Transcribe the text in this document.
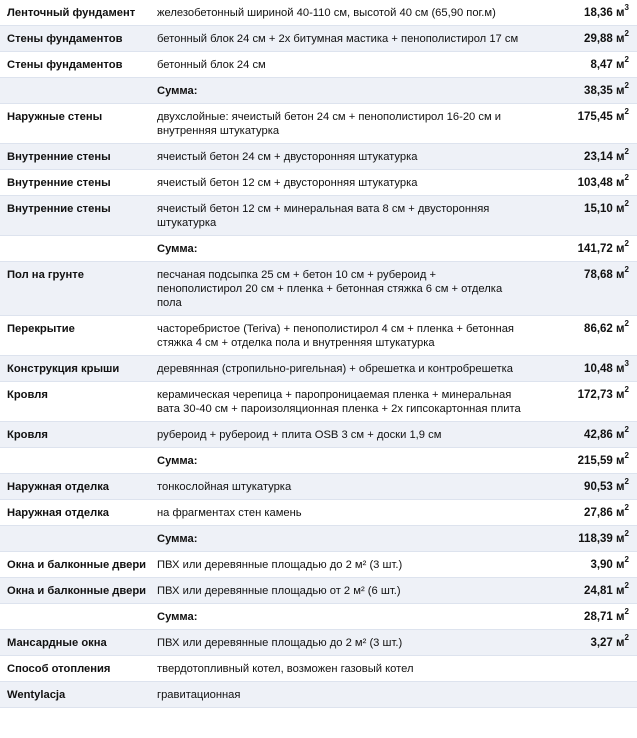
Ленточный фундамент	железобетонный шириной 40-110 см, высотой 40 см (65,90 пог.м)	18,36 $м^3$
Стены фундаментов	бетонный блок 24 см + 2х битумная мастика + пенополистирол 17 см	29,88 $м^2$
Стены фундаментов	бетонный блок 24 см	8,47 $м^2$
	Сумма:	38,35 $м^2$
Наружные стены	двухслойные: ячеистый бетон 24 см + пенополистирол 16-20 см и внутренняя штукатурка	175,45 $м^2$
Внутренние стены	ячеистый бетон 24 см + двусторонняя штукатурка	23,14 $м^2$
Внутренние стены	ячеистый бетон 12 см + двусторонняя штукатурка	103,48 $м^2$
Внутренние стены	ячеистый бетон 12 см + минеральная вата 8 см + двусторонняя штукатурка	15,10 $м^2$
	Сумма:	141,72 $м^2$
Пол на грунте	песчаная подсыпка 25 см + бетон 10 см + рубероид + пенополистирол 20 см + пленка + бетонная стяжка 6 см + отделка пола	78,68 $м^2$
Перекрытие	часторебристое (Teriva) + пенополистирол 4 см + пленка + бетонная стяжка 4 см + отделка пола и внутренняя штукатурка	86,62 $м^2$
Конструкция крыши	деревянная (стропильно-ригельная) + обрешетка и контробрешетка	10,48 $м^3$
Кровля	керамическая черепица + паропроницаемая пленка + минеральная вата 30-40 см + пароизоляционная пленка + 2х гипсокартонная плита	172,73 $м^2$
Кровля	рубероид + рубероид + плита OSB 3 см + доски 1,9 см	42,86 $м^2$
	Сумма:	215,59 $м^2$
Наружная отделка	тонкослойная штукатурка	90,53 $м^2$
Наружная отделка	на фрагментах стен камень	27,86 $м^2$
	Сумма:	118,39 $м^2$
Окна и балконные двери	ПВХ или деревянные площадью до 2 м² (3 шт.)	3,90 $м^2$
Окна и балконные двери	ПВХ или деревянные площадью от 2 м² (6 шт.)	24,81 $м^2$
	Сумма:	28,71 $м^2$
Мансардные окна	ПВХ или деревянные площадью до 2 м² (3 шт.)	3,27 $м^2$
Способ отопления	твердотопливный котел, возможен газовый котел	
Wentylacja	гравитационная	
